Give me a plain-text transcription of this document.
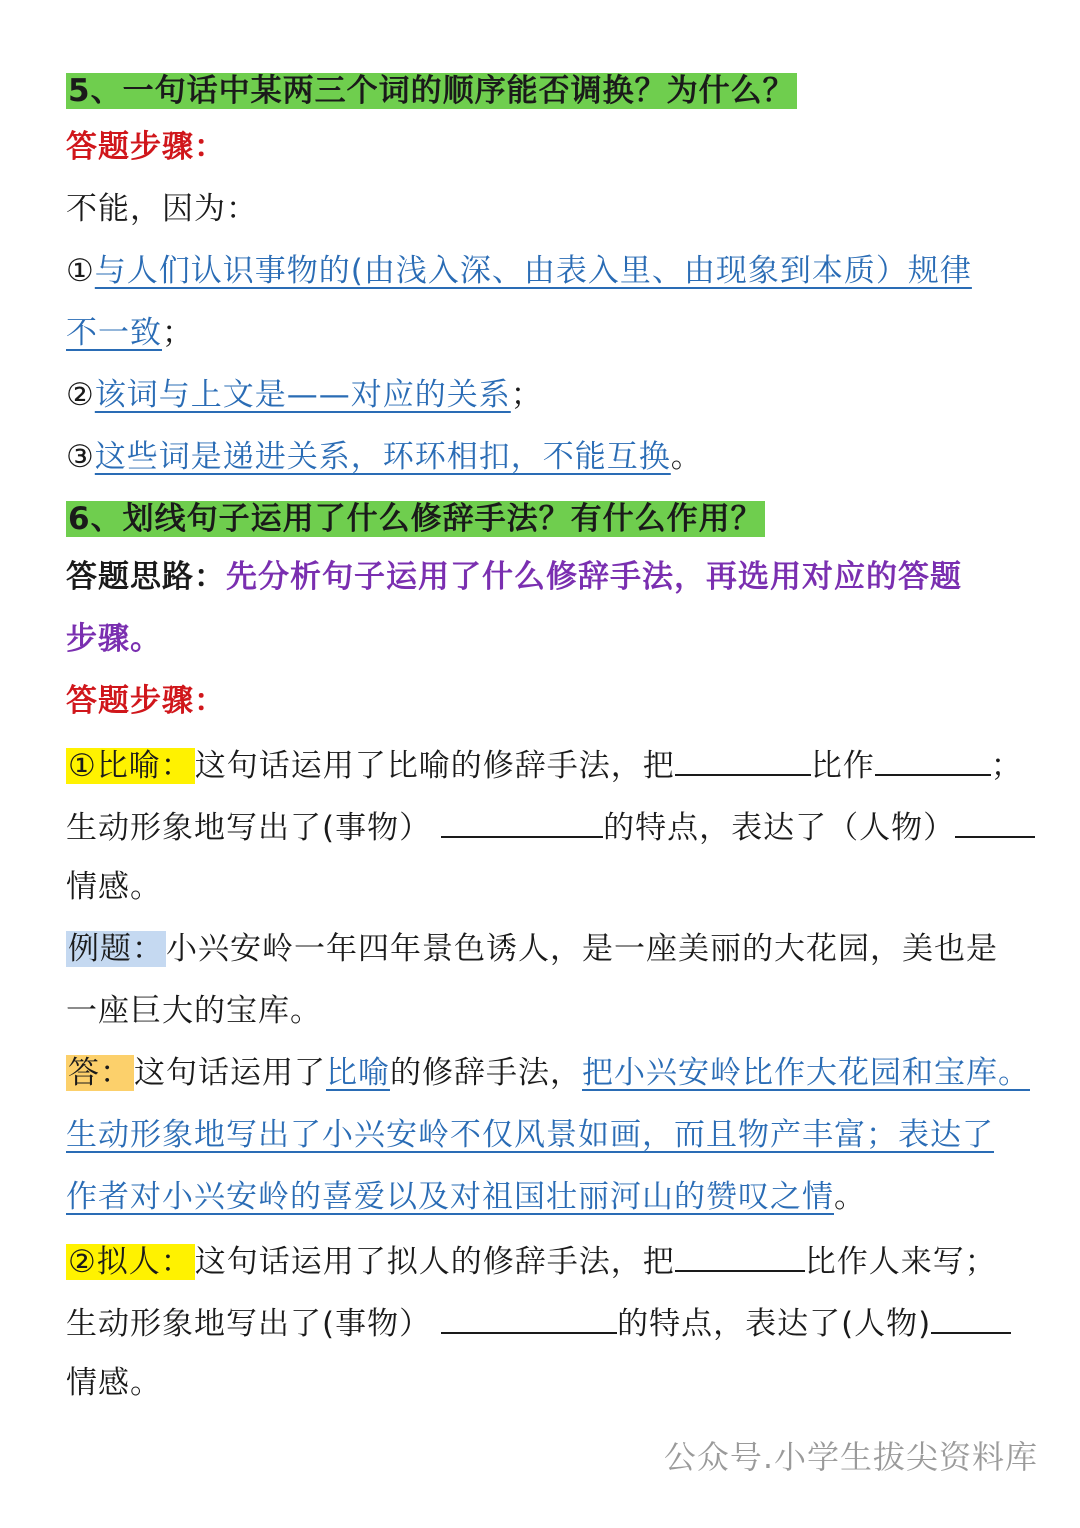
5、一句话中某两三个词的顺序能否调换？为什么？
答题步骤：
不能，因为：
①与人们认识事物的(由浅入深、由表入里、由现象到本质）规律
不一致；
②该词与上文是——对应的关系；
③这些词是递进关系，环环相扣，不能互换。
6、划线句子运用了什么修辞手法？有什么作用？
答题思路：先分析句子运用了什么修辞手法，再选用对应的答题
步骤。
答题步骤：
①比喻：这句话运用了比喻的修辞手法，把	比作	；
生动形象地写出了(事物）	的特点，表达了（人物）
情感。
例题：小兴安岭一年四年景色诱人，是一座美丽的大花园，美也是
一座巨大的宝库。
答：这句话运用了比喻的修辞手法，把小兴安岭比作大花园和宝库。
生动形象地写出了小兴安岭不仅风景如画，而且物产丰富；表达了
作者对小兴安岭的喜爱以及对祖国壮丽河山的赞叹之情。
②拟人：这句话运用了拟人的修辞手法，把	比作人来写；
生动形象地写出了(事物）	的特点，表达了(人物)
情感。
公众号.小学生拔尖资料库
